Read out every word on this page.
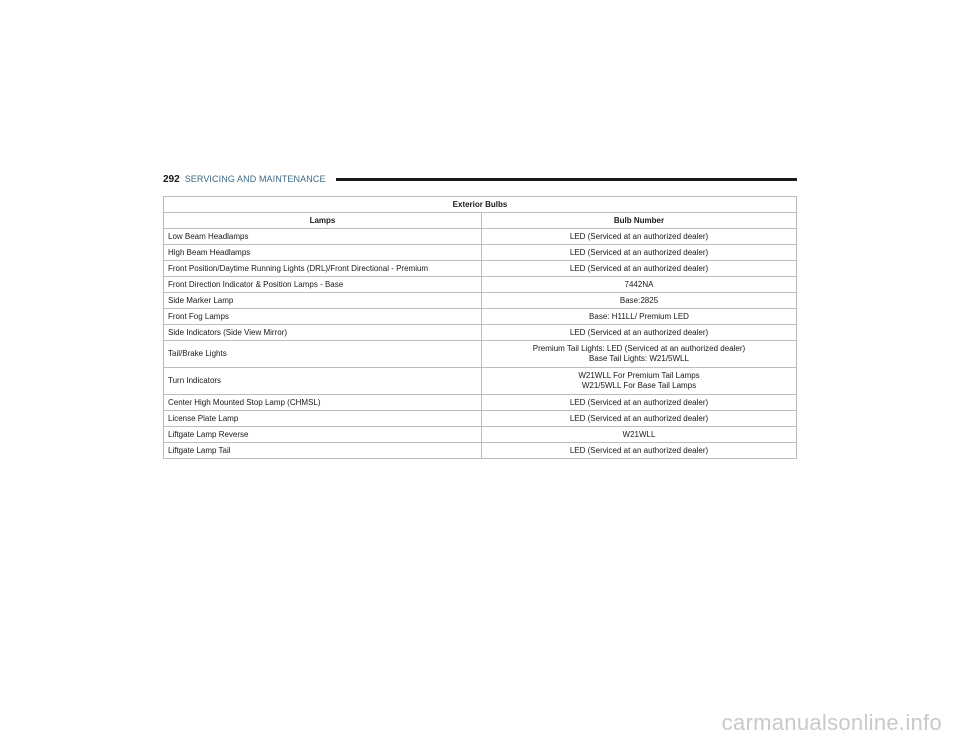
292 SERVICING AND MAINTENANCE
Exterior Bulbs	
Lamps	Bulb Number
Low Beam Headlamps	LED (Serviced at an authorized dealer)

High Beam Headlamps	LED (Serviced at an authorized dealer)

Front Position/Daytime Running Lights (DRL)/Front Directional - Premium	LED (Serviced at an authorized dealer)

Front Direction Indicator & Position Lamps - Base	7442NA

Side Marker Lamp	Base:2825

Front Fog Lamps	Base: H11LL/ Premium LED

Side Indicators (Side View Mirror)	LED (Serviced at an authorized dealer)

Tail/Brake Lights	Premium Tail Lights: LED (Serviced at an authorized dealer)
Base Tail Lights: W21/5WLL

Turn Indicators	W21WLL For Premium Tail Lamps
W21/5WLL For Base Tail Lamps

Center High Mounted Stop Lamp (CHMSL)	LED (Serviced at an authorized dealer)

License Plate Lamp	LED (Serviced at an authorized dealer)

Liftgate Lamp Reverse	W21WLL

Liftgate Lamp Tail	LED (Serviced at an authorized dealer)
carmanualsonline.info
